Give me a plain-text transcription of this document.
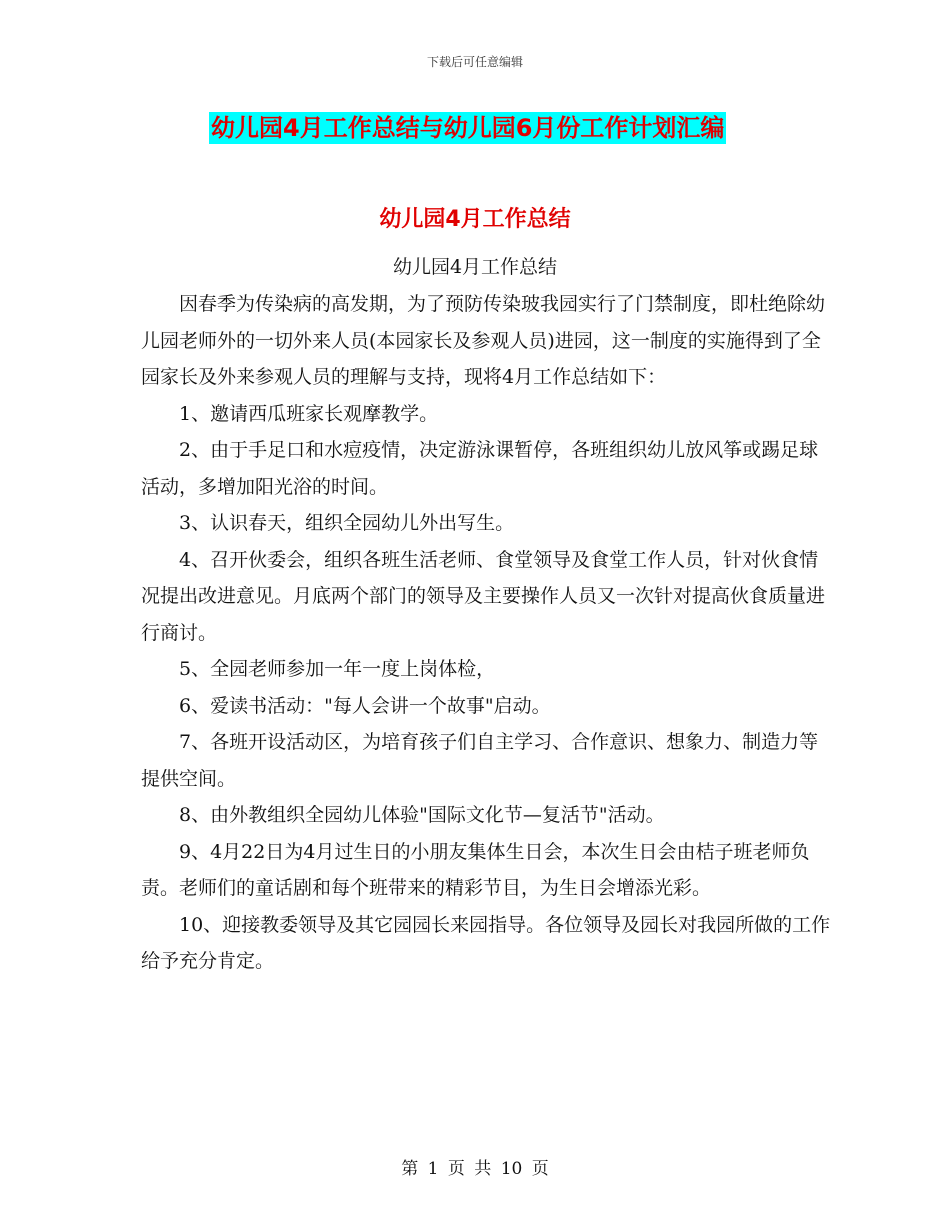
下载后可任意编辑
幼儿园4月工作总结与幼儿园6月份工作计划汇编
幼儿园4月工作总结
幼儿园4月工作总结

因春季为传染病的高发期，为了预防传染玻我园实行了门禁制度，即杜绝除幼儿园老师外的一切外来人员(本园家长及参观人员)进园，这一制度的实施得到了全园家长及外来参观人员的理解与支持，现将4月工作总结如下：

1、邀请西瓜班家长观摩教学。

2、由于手足口和水痘疫情，决定游泳课暂停，各班组织幼儿放风筝或踢足球活动，多增加阳光浴的时间。

3、认识春天，组织全园幼儿外出写生。

4、召开伙委会，组织各班生活老师、食堂领导及食堂工作人员，针对伙食情况提出改进意见。月底两个部门的领导及主要操作人员又一次针对提高伙食质量进行商讨。

5、全园老师参加一年一度上岗体检，

6、爱读书活动："每人会讲一个故事"启动。

7、各班开设活动区，为培育孩子们自主学习、合作意识、想象力、制造力等提供空间。

8、由外教组织全园幼儿体验"国际文化节—复活节"活动。

9、4月22日为4月过生日的小朋友集体生日会，本次生日会由桔子班老师负责。老师们的童话剧和每个班带来的精彩节目，为生日会增添光彩。

10、迎接教委领导及其它园园长来园指导。各位领导及园长对我园所做的工作给予充分肯定。

第 1 页 共 10 页
